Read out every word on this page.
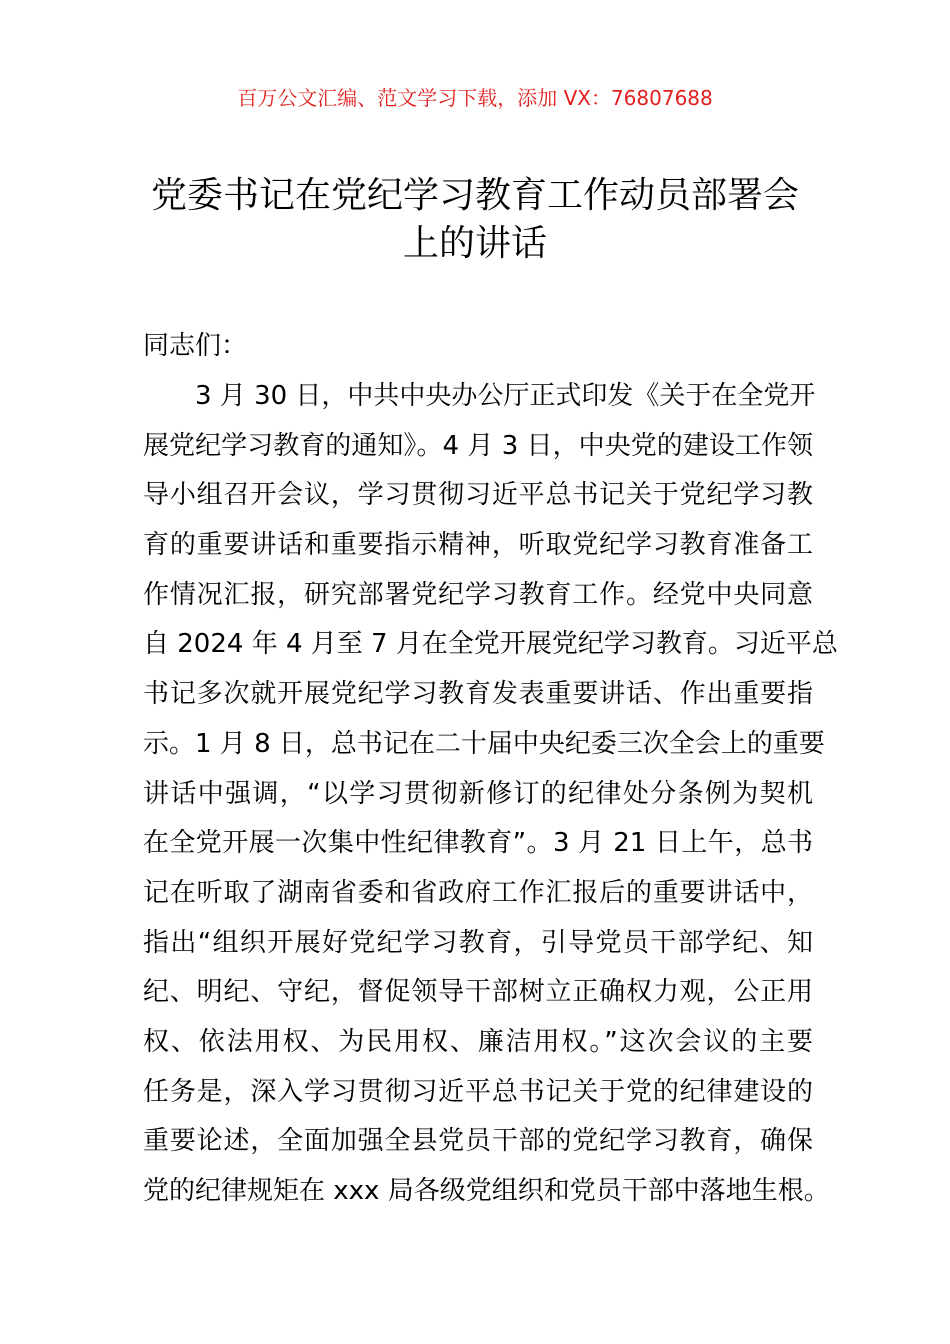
百万公文汇编、范文学习下载，添加 VX：76807688
党委书记在党纪学习教育工作动员部署会
上的讲话
同志们：
3 月 30 日，中共中央办公厅正式印发《关于在全党开
展党纪学习教育的通知》。4 月 3 日，中央党的建设工作领
导小组召开会议，学习贯彻习近平总书记关于党纪学习教
育的重要讲话和重要指示精神，听取党纪学习教育准备工
作情况汇报，研究部署党纪学习教育工作。经党中央同意
自 2024 年 4 月至 7 月在全党开展党纪学习教育。习近平总
书记多次就开展党纪学习教育发表重要讲话、作出重要指
示。1 月 8 日，总书记在二十届中央纪委三次全会上的重要
讲话中强调，“以学习贯彻新修订的纪律处分条例为契机
在全党开展一次集中性纪律教育”。3 月 21 日上午，总书
记在听取了湖南省委和省政府工作汇报后的重要讲话中，
指出“组织开展好党纪学习教育，引导党员干部学纪、知
纪、明纪、守纪，督促领导干部树立正确权力观，公正用
权、依法用权、为民用权、廉洁用权。”这次会议的主要
任务是，深入学习贯彻习近平总书记关于党的纪律建设的
重要论述，全面加强全县党员干部的党纪学习教育，确保
党的纪律规矩在 xxx 局各级党组织和党员干部中落地生根。
